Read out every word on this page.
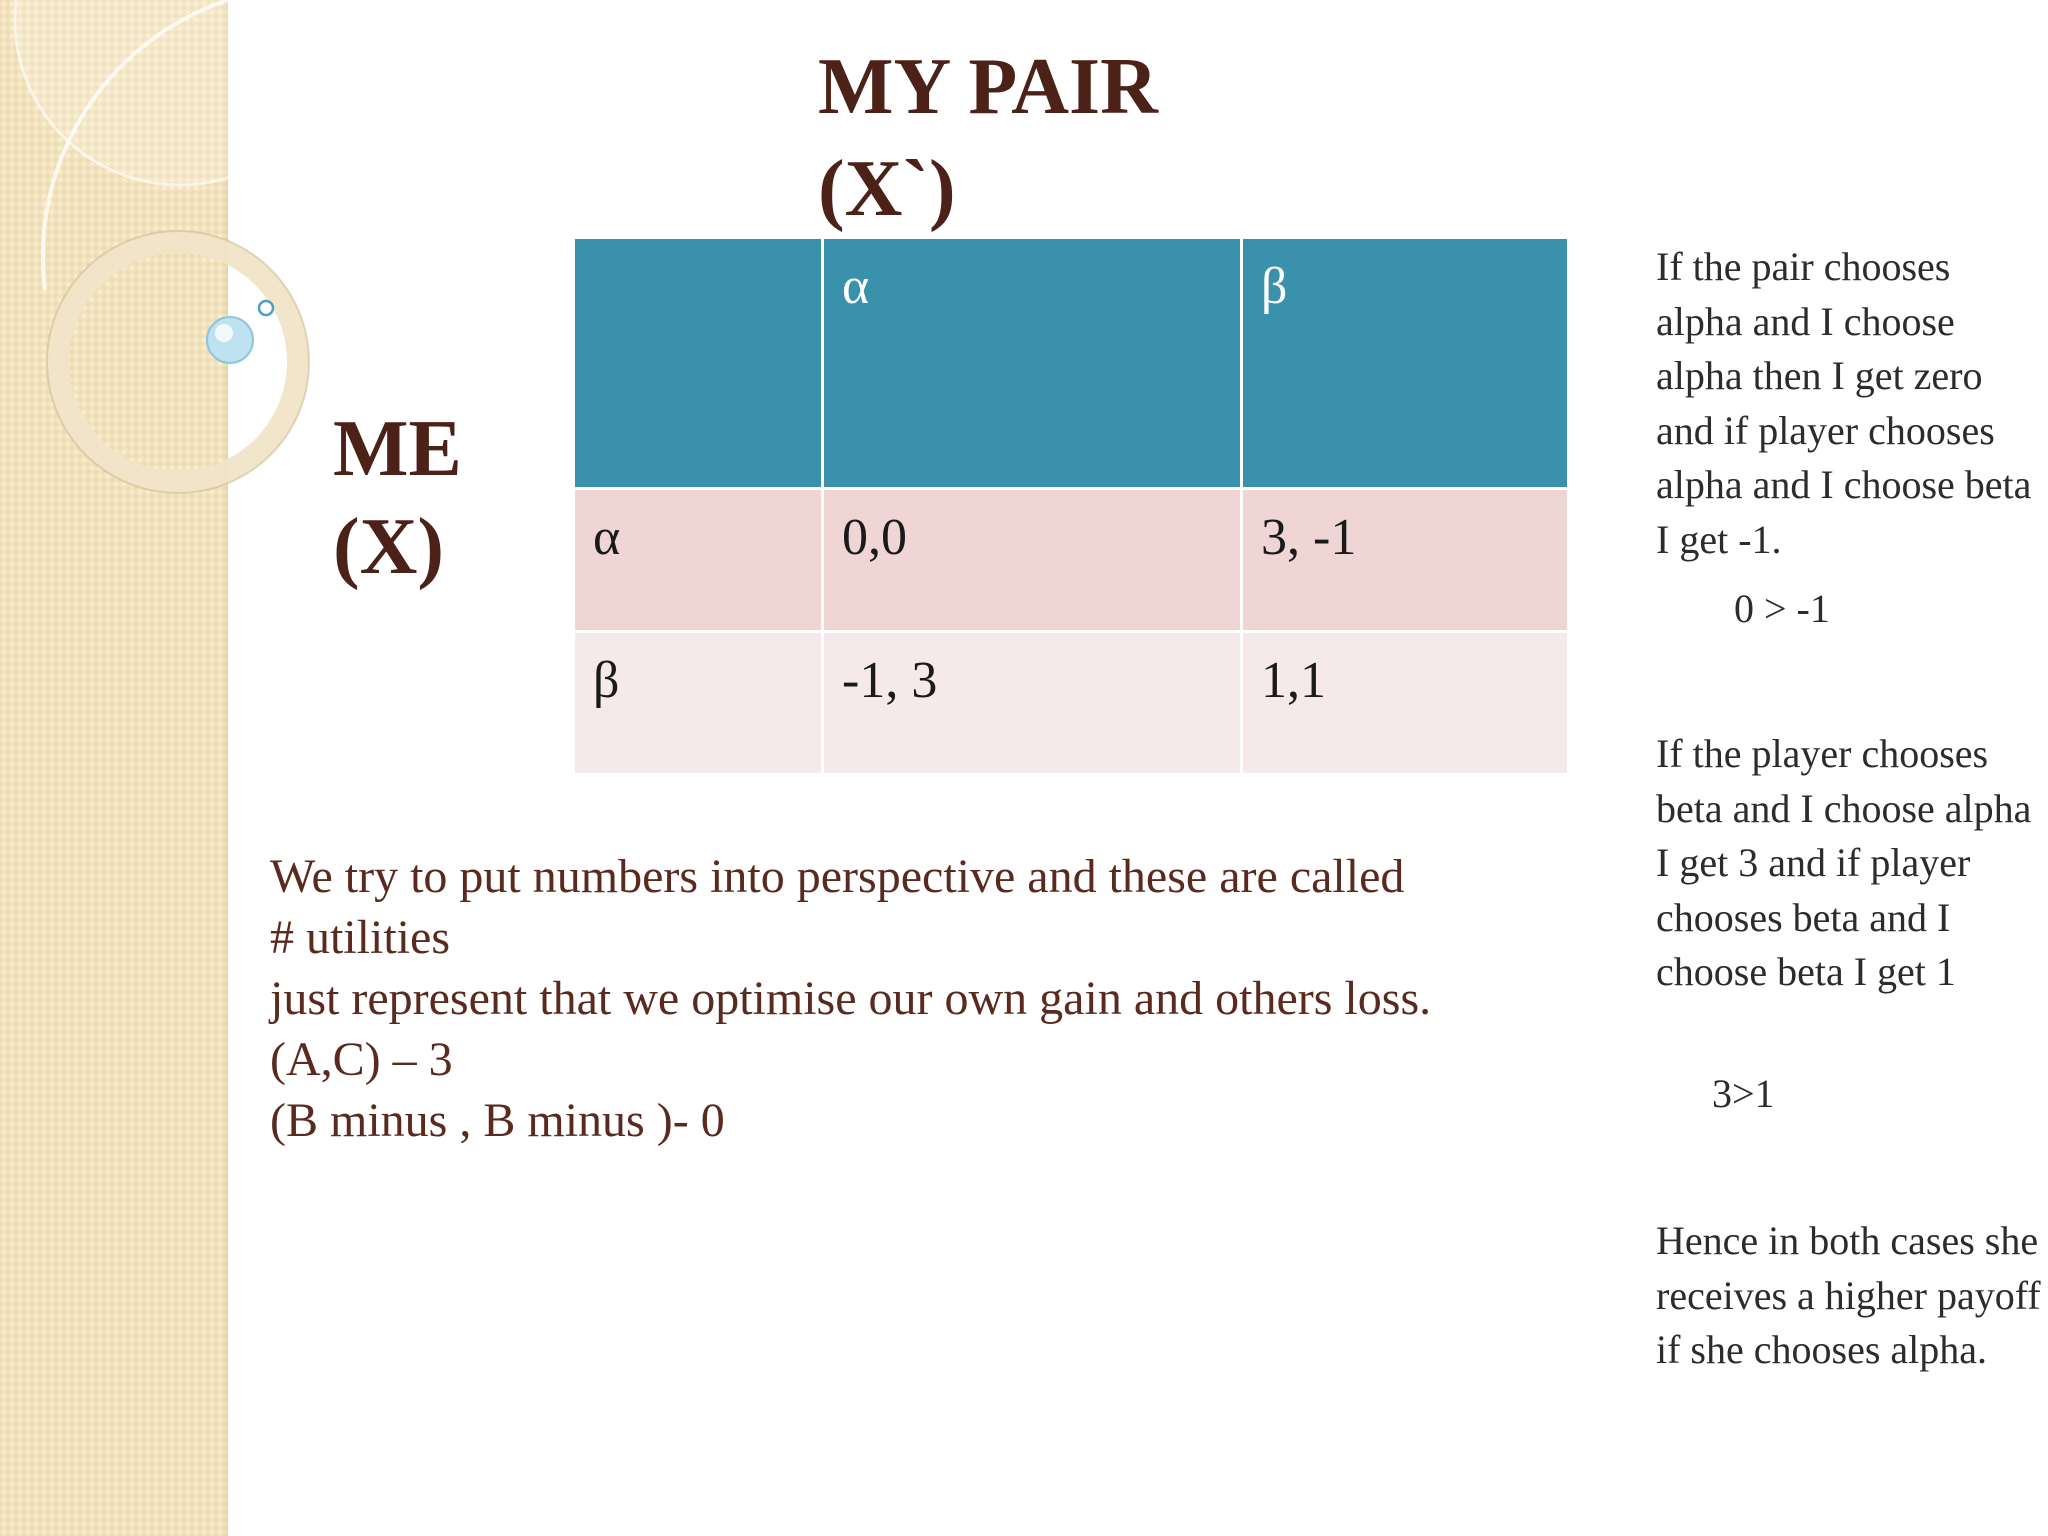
MY PAIR
(X`)
ME
(X)
	α	β
α	0,0	3, -1
β	-1, 3	1,1
We try to put numbers into perspective and these are called
# utilities
just represent that we optimise our own gain and others loss.
(A,C) – 3
(B minus , B minus )- 0

If the pair chooses alpha and I choose alpha then I get zero and if player chooses alpha and I choose beta I get -1.

0 > -1

If the player chooses beta and I choose alpha I get 3 and if player chooses beta and I choose beta I get 1

3>1

Hence in both cases she receives a higher payoff if she chooses alpha.
